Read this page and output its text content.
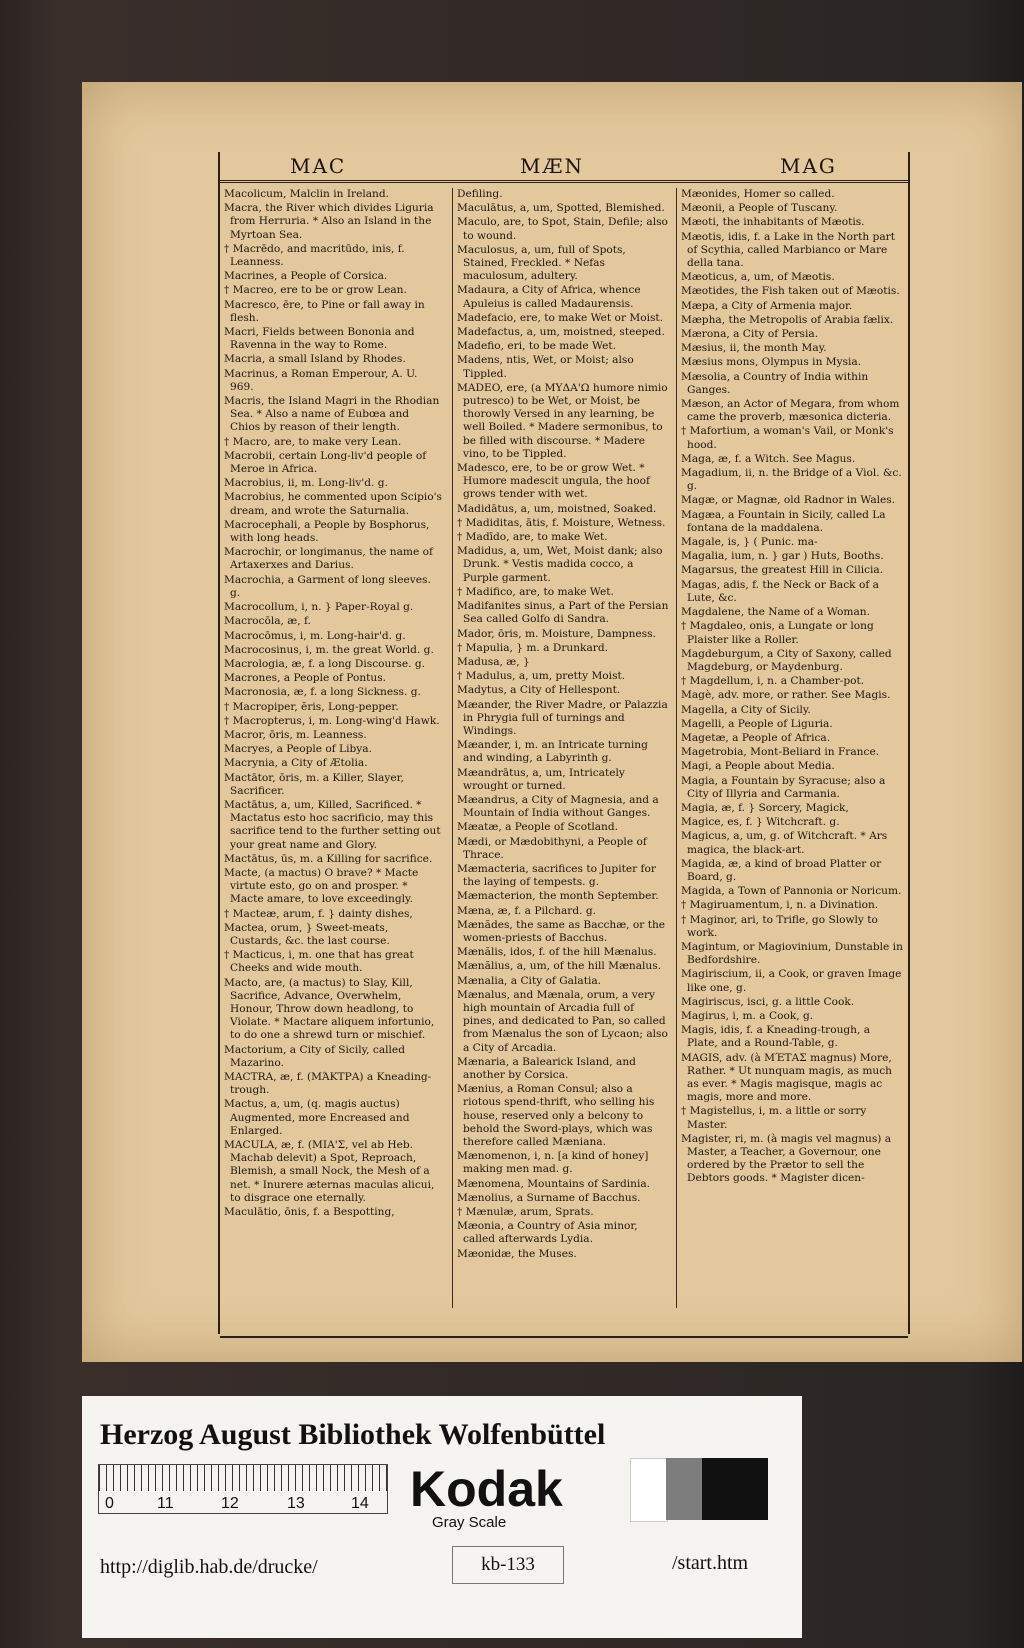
MAC	MÆN	MAG

Macolicum, Malclin in Ireland.

Macra, the River which divides Liguria from Herruria. * Also an Island in the Myrtoan Sea.

† Macrēdo, and macritūdo, inis, f. Leanness.

Macrines, a People of Corsica.

† Macreo, ere to be or grow Lean.

Macresco, ēre, to Pine or fall away in flesh.

Macri, Fields between Bononia and Ravenna in the way to Rome.

Macria, a small Island by Rhodes.

Macrinus, a Roman Emperour, A. U. 969.

Macris, the Island Magri in the Rhodian Sea. * Also a name of Eubœa and Chios by reason of their length.

† Macro, are, to make very Lean.

Macrobii, certain Long-liv'd people of Meroe in Africa.

Macrobius, ii, m. Long-liv'd. g.

Macrobius, he commented upon Scipio's dream, and wrote the Saturnalia.

Macrocephali, a People by Bosphorus, with long heads.

Macrochir, or longimanus, the name of Artaxerxes and Darius.

Macrochia, a Garment of long sleeves. g.

Macrocollum, i, n. } Paper-Royal g.

Macrocōla, æ, f.

Macrocōmus, i, m. Long-hair'd. g.

Macrocosinus, i, m. the great World. g.

Macrologia, æ, f. a long Discourse. g.

Macrones, a People of Pontus.

Macronosia, æ, f. a long Sickness. g.

† Macropiper, ĕris, Long-pepper.

† Macropterus, i, m. Long-wing'd Hawk.

Macror, ōris, m. Leanness.

Macryes, a People of Libya.

Macrynia, a City of Ætolia.

Mactātor, ōris, m. a Killer, Slayer, Sacrificer.

Mactātus, a, um, Killed, Sacrificed. * Mactatus esto hoc sacrificio, may this sacrifice tend to the further setting out your great name and Glory.

Mactātus, ūs, m. a Killing for sacrifice.

Macte, (a mactus) O brave? * Macte virtute esto, go on and prosper. * Macte amare, to love exceedingly.

† Macteæ, arum, f. } dainty dishes,

Mactea, orum, } Sweet-meats, Custards, &c. the last course.

† Macticus, i, m. one that has great Cheeks and wide mouth.

Macto, are, (a mactus) to Slay, Kill, Sacrifice, Advance, Overwhelm, Honour, Throw down headlong, to Violate. * Mactare aliquem infortunio, to do one a shrewd turn or mischief.

Mactorium, a City of Sicily, called Mazarino.

MACTRA, æ, f. (ΜΆΚΤΡΑ) a Kneading-trough.

Mactus, a, um, (q. magis auctus) Augmented, more Encreased and Enlarged.

MACULA, æ, f. (ΜΙΑ'Σ, vel ab Heb. Machab delevit) a Spot, Reproach, Blemish, a small Nock, the Mesh of a net. * Inurere æternas maculas alicui, to disgrace one eternally.

Maculātio, ōnis, f. a Bespotting,

Defiling.

Maculātus, a, um, Spotted, Blemished.

Maculo, are, to Spot, Stain, Defile; also to wound.

Maculosus, a, um, full of Spots, Stained, Freckled. * Nefas maculosum, adultery.

Madaura, a City of Africa, whence Apuleius is called Madaurensis.

Madefacio, ere, to make Wet or Moist.

Madefactus, a, um, moistned, steeped.

Madefio, eri, to be made Wet.

Madens, ntis, Wet, or Moist; also Tippled.

MADEO, ere, (a ΜΥΔΑ'Ω humore nimio putresco) to be Wet, or Moist, be thorowly Versed in any learning, be well Boiled. * Madere sermonibus, to be filled with discourse. * Madere vino, to be Tippled.

Madesco, ere, to be or grow Wet. * Humore madescit ungula, the hoof grows tender with wet.

Madidātus, a, um, moistned, Soaked.

† Madiditas, ātis, f. Moisture, Wetness.

† Madīdo, are, to make Wet.

Madidus, a, um, Wet, Moist dank; also Drunk. * Vestis madida cocco, a Purple garment.

† Madifico, are, to make Wet.

Madifanites sinus, a Part of the Persian Sea called Golfo di Sandra.

Mador, ōris, m. Moisture, Dampness.

† Mapulia, } m. a Drunkard.

Madusa, æ, }

† Madulus, a, um, pretty Moist.

Madytus, a City of Hellespont.

Mæander, the River Madre, or Palazzia in Phrygia full of turnings and Windings.

Mæander, i, m. an Intricate turning and winding, a Labyrinth g.

Mæandrātus, a, um, Intricately wrought or turned.

Mæandrus, a City of Magnesia, and a Mountain of India without Ganges.

Mæatæ, a People of Scotland.

Mædi, or Mædobithyni, a People of Thrace.

Mæmacteria, sacrifices to Jupiter for the laying of tempests. g.

Mæmacterion, the month September.

Mæna, æ, f. a Pilchard. g.

Mænădes, the same as Bacchæ, or the women-priests of Bacchus.

Mænălis, idos, f. of the hill Mænalus.

Mænălius, a, um, of the hill Mænalus.

Mænalia, a City of Galatia.

Mænalus, and Mænala, orum, a very high mountain of Arcadia full of pines, and dedicated to Pan, so called from Mænalus the son of Lycaon; also a City of Arcadia.

Mænaria, a Balearick Island, and another by Corsica.

Mænius, a Roman Consul; also a riotous spend-thrift, who selling his house, reserved only a belcony to behold the Sword-plays, which was therefore called Mæniana.

Mænomenon, i, n. [a kind of honey] making men mad. g.

Mænomena, Mountains of Sardinia.

Mænolius, a Surname of Bacchus.

† Mænulæ, arum, Sprats.

Mæonia, a Country of Asia minor, called afterwards Lydia.

Mæonidæ, the Muses.

Mæonides, Homer so called.

Mæonii, a People of Tuscany.

Mæoti, the inhabitants of Mæotis.

Mæotis, idis, f. a Lake in the North part of Scythia, called Marbianco or Mare della tana.

Mæoticus, a, um, of Mæotis.

Mæotides, the Fish taken out of Mæotis.

Mæpa, a City of Armenia major.

Mæpha, the Metropolis of Arabia fælix.

Mærona, a City of Persia.

Mæsius, ii, the month May.

Mæsius mons, Olympus in Mysia.

Mæsolia, a Country of India within Ganges.

Mæson, an Actor of Megara, from whom came the proverb, mæsonica dicteria.

† Mafortium, a woman's Vail, or Monk's hood.

Maga, æ, f. a Witch. See Magus.

Magadium, ii, n. the Bridge of a Viol. &c. g.

Magæ, or Magnæ, old Radnor in Wales.

Magæa, a Fountain in Sicily, called La fontana de la maddalena.

Magale, is, } ( Punic. ma-

Magalia, ium, n. } gar ) Huts, Booths.

Magarsus, the greatest Hill in Cilicia.

Magas, adis, f. the Neck or Back of a Lute, &c.

Magdalene, the Name of a Woman.

† Magdaleo, onis, a Lungate or long Plaister like a Roller.

Magdeburgum, a City of Saxony, called Magdeburg, or Maydenburg.

† Magdellum, i, n. a Chamber-pot.

Magè, adv. more, or rather. See Magis.

Magella, a City of Sicily.

Magelli, a People of Liguria.

Magetæ, a People of Africa.

Magetrobia, Mont-Beliard in France.

Magi, a People about Media.

Magia, a Fountain by Syracuse; also a City of Illyria and Carmania.

Magia, æ, f. } Sorcery, Magick,

Magice, es, f. } Witchcraft. g.

Magicus, a, um, g. of Witchcraft. * Ars magica, the black-art.

Magida, æ, a kind of broad Platter or Board, g.

Magida, a Town of Pannonia or Noricum.

† Magiruamentum, i, n. a Divination.

† Maginor, ari, to Trifle, go Slowly to work.

Magintum, or Magiovinium, Dunstable in Bedfordshire.

Magiriscium, ii, a Cook, or graven Image like one, g.

Magiriscus, isci, g. a little Cook.

Magirus, i, m. a Cook, g.

Magis, idis, f. a Kneading-trough, a Plate, and a Round-Table, g.

MAGIS, adv. (à ΜΈΤΑΣ magnus) More, Rather. * Ut nunquam magis, as much as ever. * Magis magisque, magis ac magis, more and more.

† Magistellus, i, m. a little or sorry Master.

Magister, ri, m. (à magis vel magnus) a Master, a Teacher, a Governour, one ordered by the Prætor to sell the Debtors goods. * Magister dicen-

Herzog August Bibliothek Wolfenbüttel
0	11	12	13	14 Kodak
Gray Scale
http://diglib.hab.de/drucke/	kb-133	/start.htm
